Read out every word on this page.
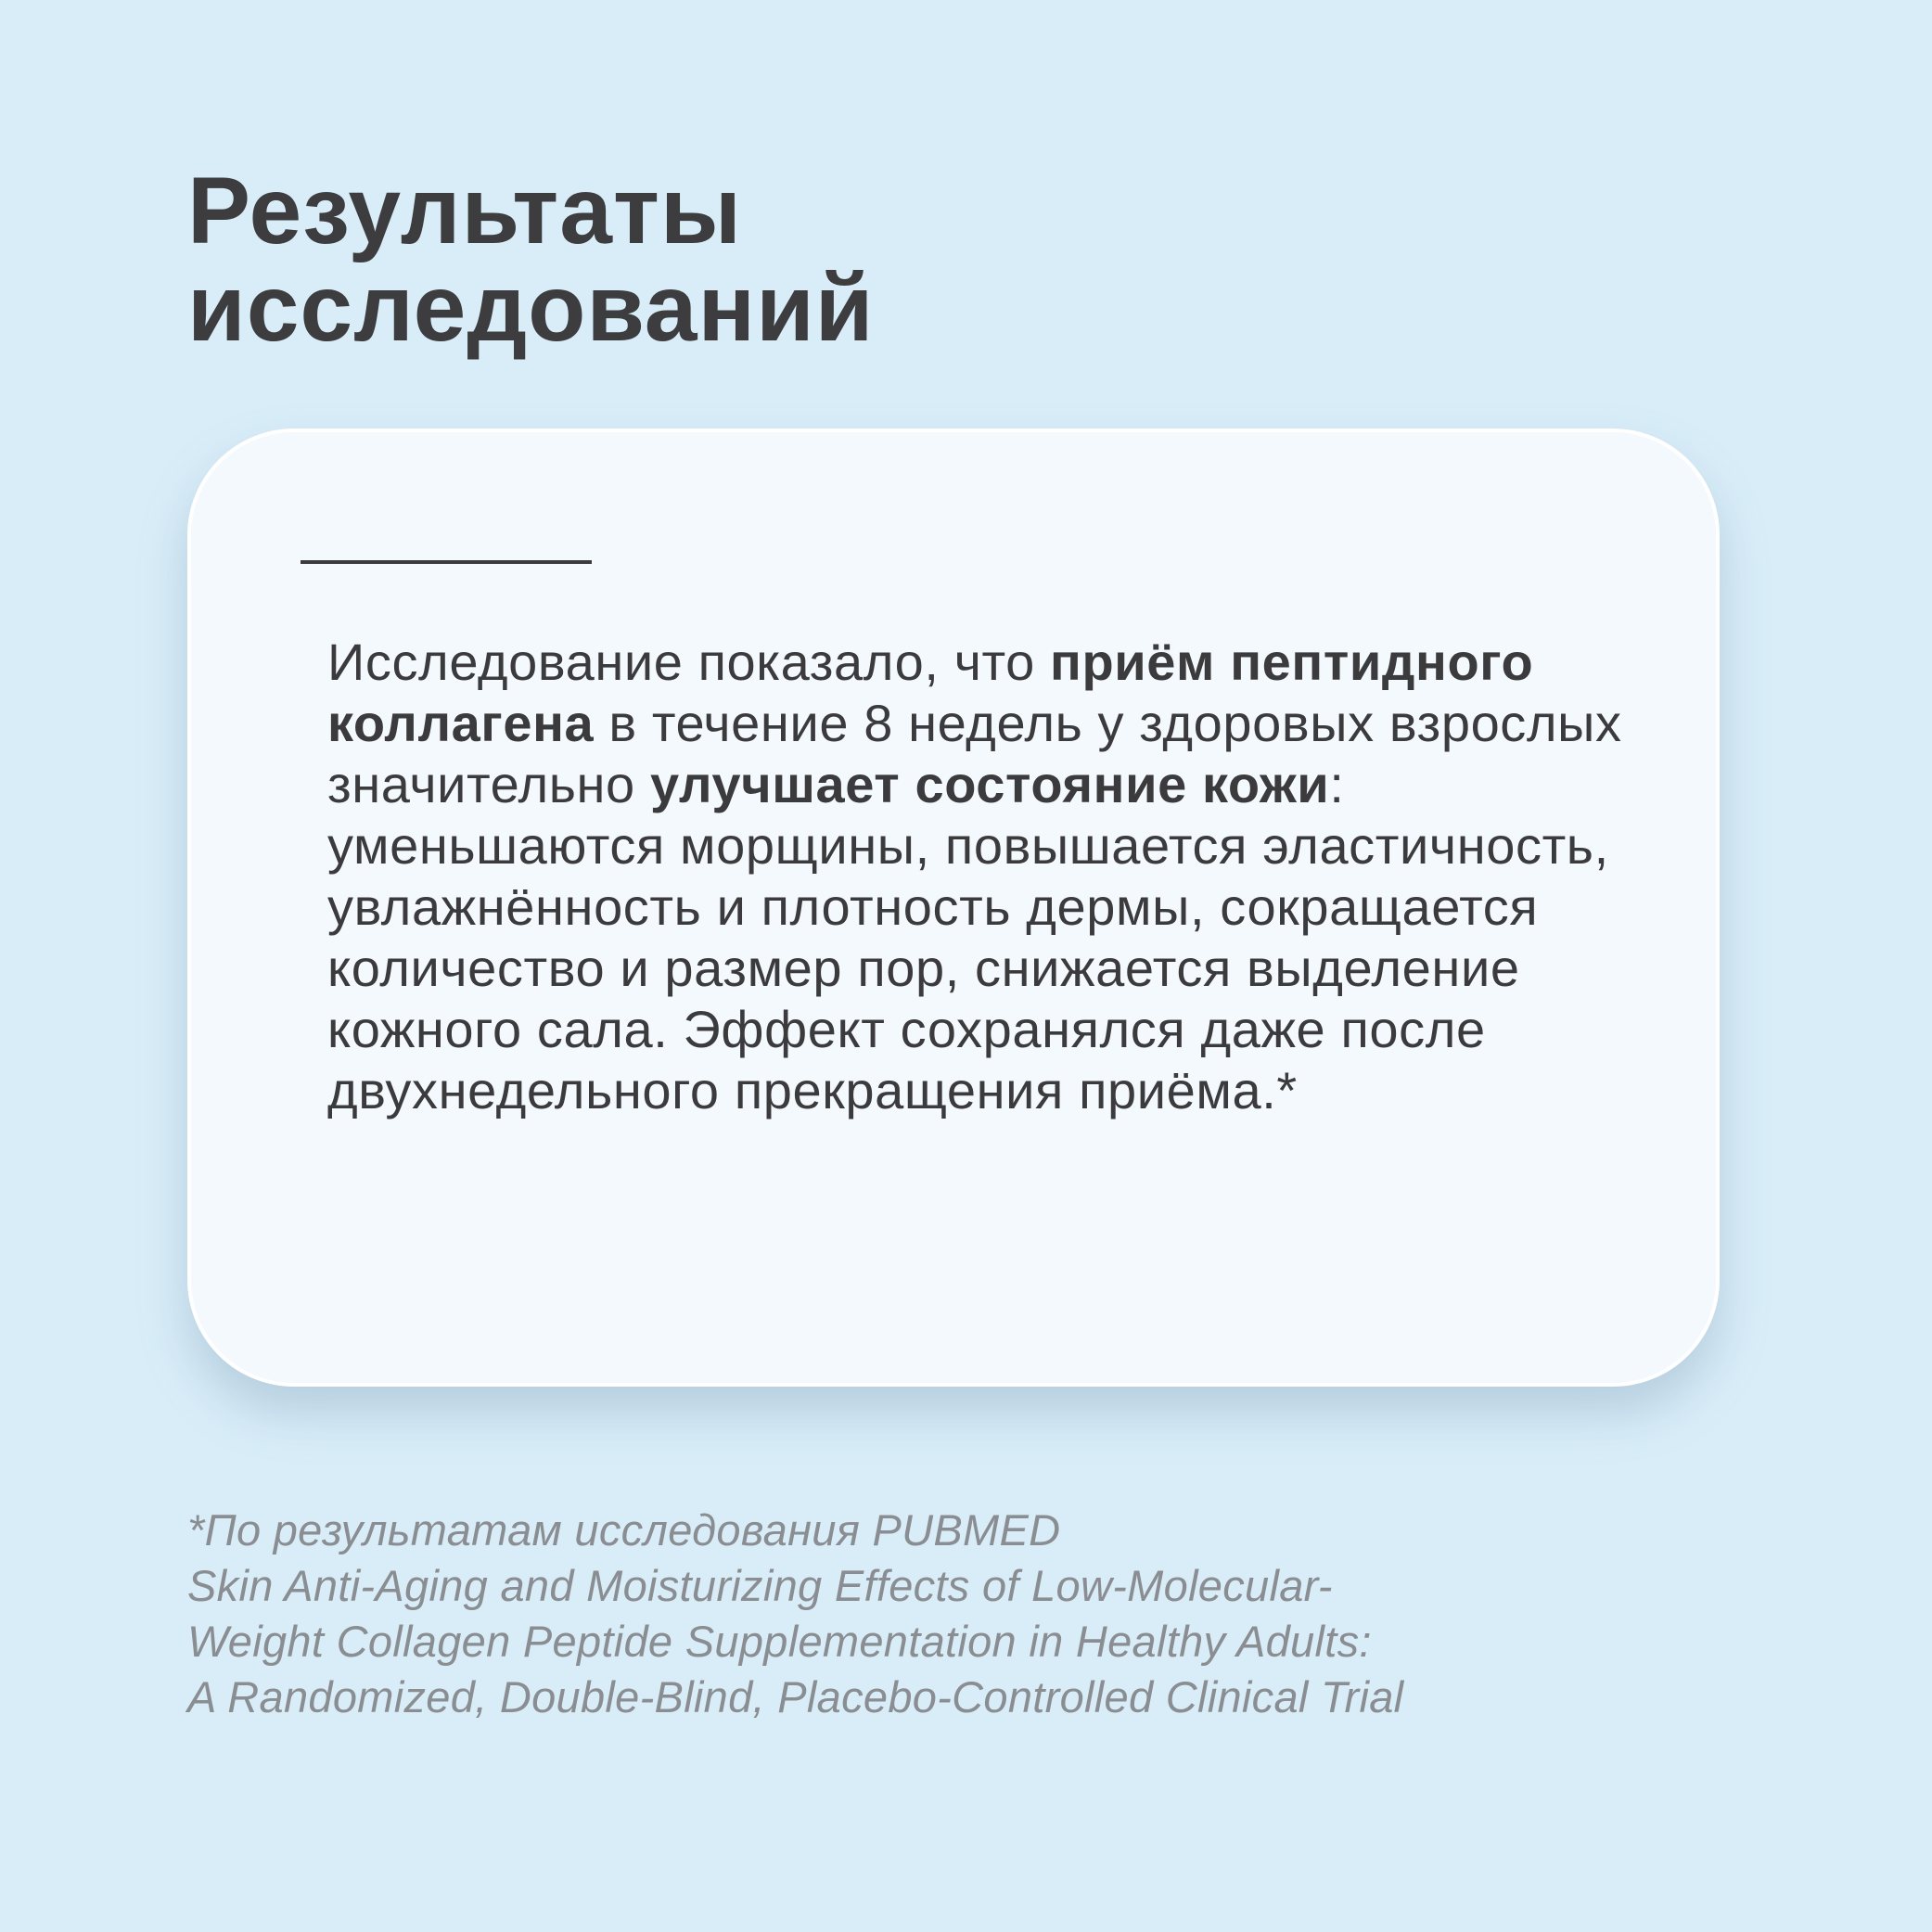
Результаты
исследований

Исследование показало, что приём пептидного коллагена в течение 8 недель у здоровых взрослых значительно улучшает состояние кожи: уменьшаются морщины, повышается эластичность, увлажнённость и плотность дермы, сокращается количество и размер пор, снижается выделение кожного сала. Эффект сохранялся даже после двухнедельного прекращения приёма.*

*По результатам исследования PUBMED
Skin Anti-Aging and Moisturizing Effects of Low-Molecular-
Weight Collagen Peptide Supplementation in Healthy Adults:
A Randomized, Double-Blind, Placebo-Controlled Clinical Trial
